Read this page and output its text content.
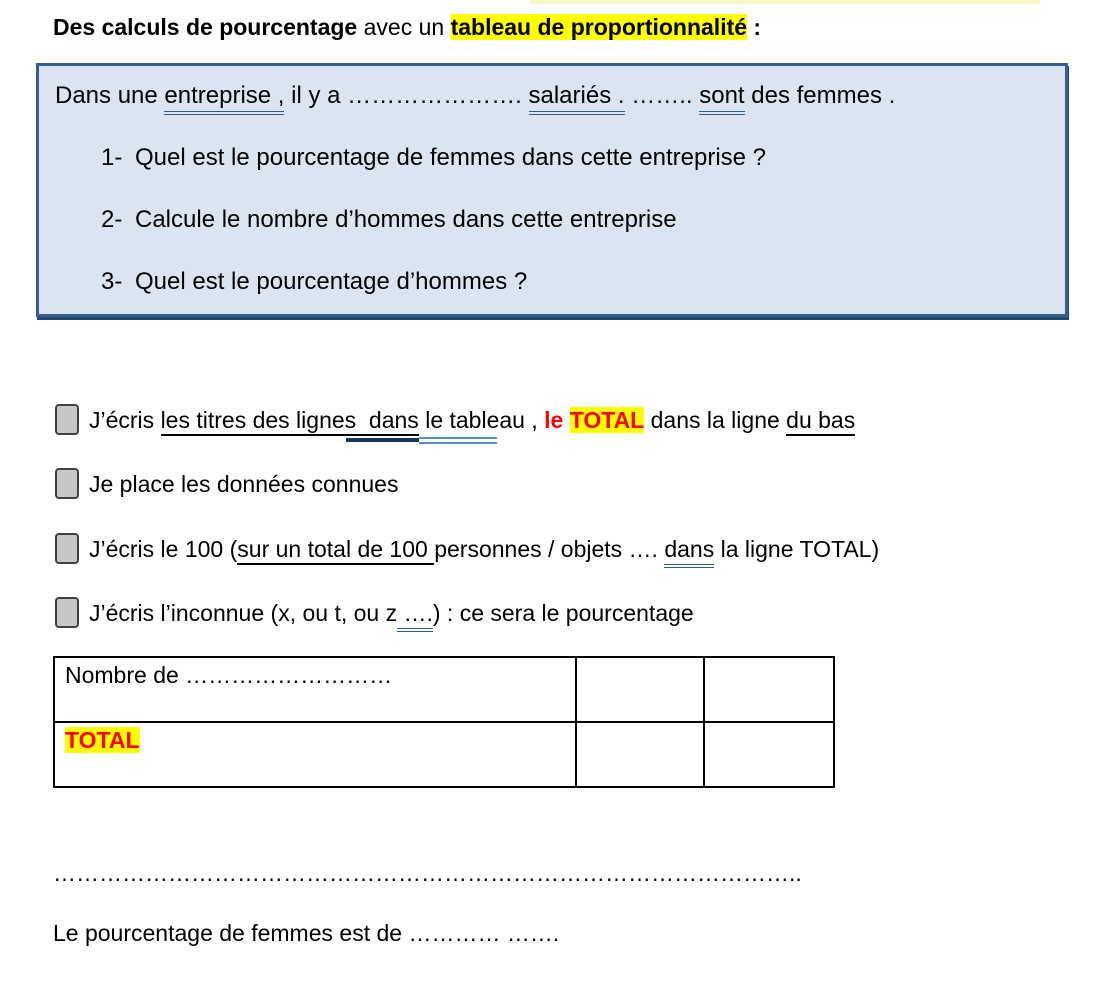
Des calculs de pourcentage avec un tableau de proportionnalité :

Dans une entreprise , il y a …………………. salariés . …….. sont des femmes .

1- Quel est le pourcentage de femmes dans cette entreprise ?
2- Calcule le nombre d’hommes dans cette entreprise
3- Quel est le pourcentage d’hommes ?
J’écris les titres des lignes  dans le tableau , le TOTAL dans la ligne du bas
Je place les données connues
J’écris le 100 (sur un total de 100 personnes / objets …. dans la ligne TOTAL)
J’écris l’inconnue (x, ou t, ou z ….) : ce sera le pourcentage
Nombre de ………………………		
TOTAL		

……………………………………………………………………………………..

Le pourcentage de femmes est de ………… …….
